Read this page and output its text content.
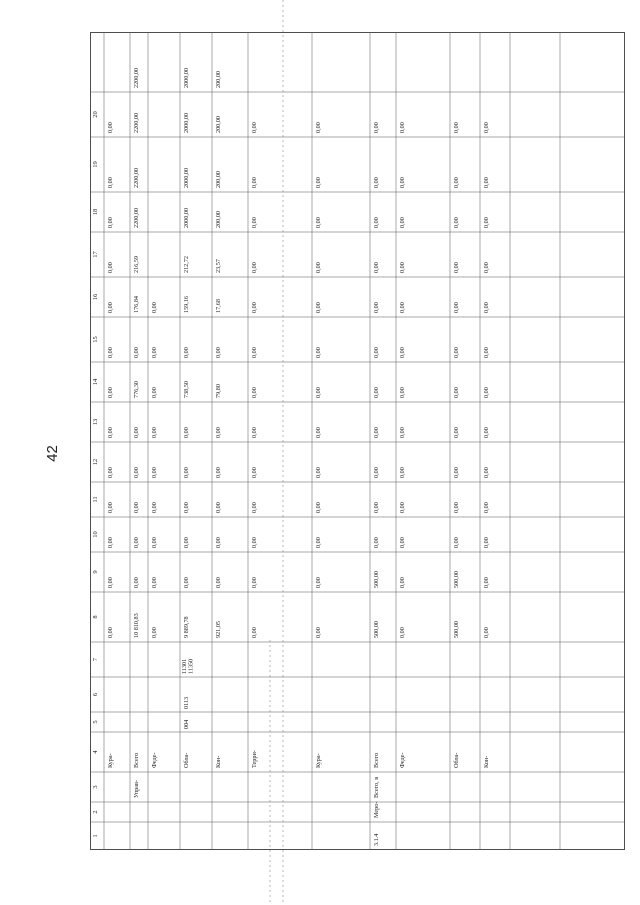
42
1
2
3
4
5
6
7
8
9
10
11
12
13
14
15
16
17
18
19
20
Кура-
0,00
0,00
0,00
0,00
0,00
0,00
0,00
0,00
0,00
0,00
0,00
0,00
0,00
Управ-
Всего
10 810,83
0,00
0,00
0,00
0,00
0,00
776,30
0,00
176,84
216,59
2200,00
2200,00
2200,00
2200,00
Феде-
0,00
0,00
0,00
0,00
0,00
0,00
0,00
0,00
0,00
Обла-
004
0113
11301 11350
9 889,78
0,00
0,00
0,00
0,00
0,00
738,50
0,00
159,16
212,72
2000,00
2000,00
2000,00
2000,00
Кон-
921,05
0,00
0,00
0,00
0,00
0,00
79,80
0,00
17,68
23,57
200,00
200,00
200,00
200,00
Терри-
0,00
0,00
0,00
0,00
0,00
0,00
0,00
0,00
0,00
0,00
0,00
0,00
0,00
Кура-
0,00
0,00
0,00
0,00
0,00
0,00
0,00
0,00
0,00
0,00
0,00
0,00
0,00
3.1.4
Меро-
Всего, в
Всего
500,00
500,00
0,00
0,00
0,00
0,00
0,00
0,00
0,00
0,00
0,00
0,00
0,00
Феде-
0,00
0,00
0,00
0,00
0,00
0,00
0,00
0,00
0,00
0,00
0,00
0,00
0,00
Обла-
500,00
500,00
0,00
0,00
0,00
0,00
0,00
0,00
0,00
0,00
0,00
0,00
0,00
Кон-
0,00
0,00
0,00
0,00
0,00
0,00
0,00
0,00
0,00
0,00
0,00
0,00
0,00
